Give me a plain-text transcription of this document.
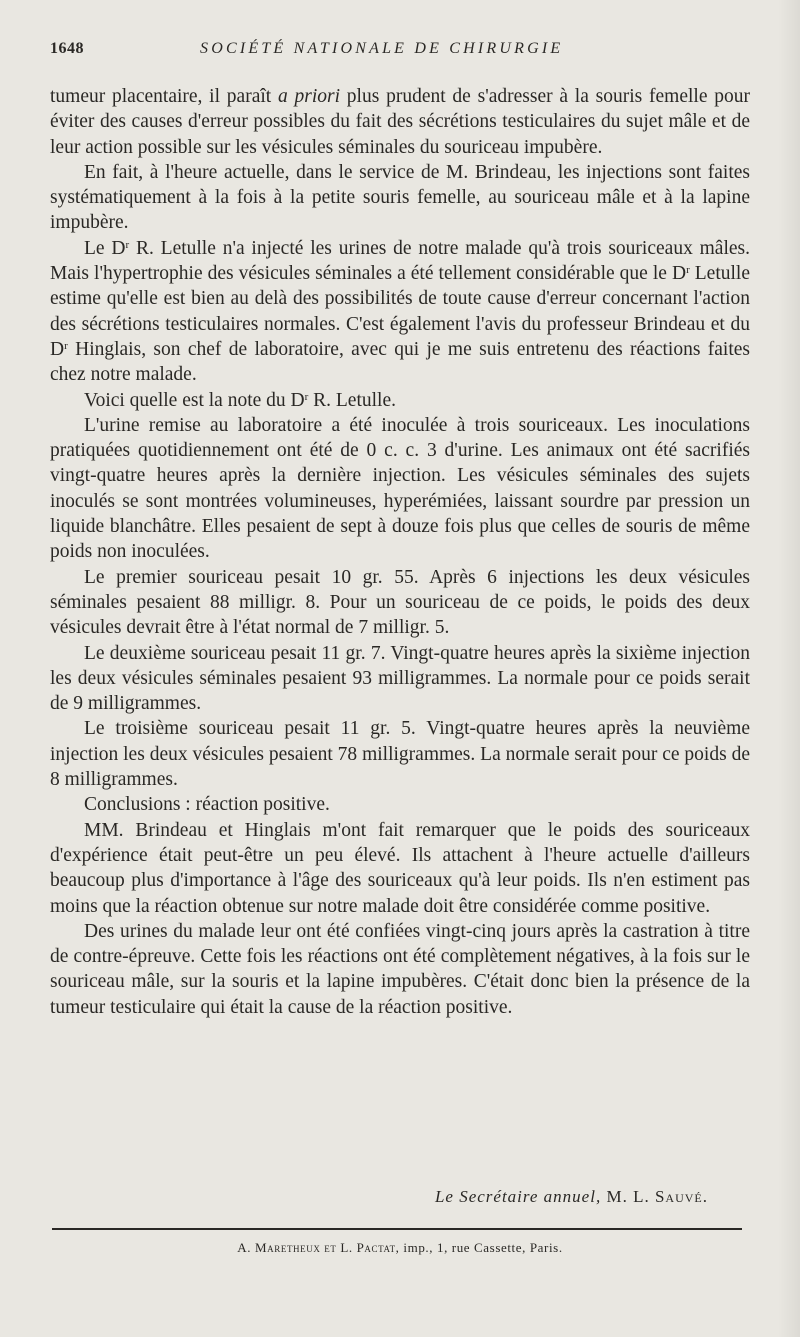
1648	SOCIÉTÉ NATIONALE DE CHIRURGIE

tumeur placentaire, il paraît a priori plus prudent de s'adresser à la souris femelle pour éviter des causes d'erreur possibles du fait des sécrétions testiculaires du sujet mâle et de leur action possible sur les vésicules séminales du souriceau impubère.

En fait, à l'heure actuelle, dans le service de M. Brindeau, les injections sont faites systématiquement à la fois à la petite souris femelle, au souriceau mâle et à la lapine impubère.

Le $D^r$ R. Letulle n'a injecté les urines de notre malade qu'à trois souriceaux mâles. Mais l'hypertrophie des vésicules séminales a été tellement considérable que le $D^r$ Letulle estime qu'elle est bien au delà des possibilités de toute cause d'erreur concernant l'action des sécrétions testiculaires normales. C'est également l'avis du professeur Brindeau et du $D^r$ Hinglais, son chef de laboratoire, avec qui je me suis entretenu des réactions faites chez notre malade.

Voici quelle est la note du $D^r$ R. Letulle.

L'urine remise au laboratoire a été inoculée à trois souriceaux. Les inoculations pratiquées quotidiennement ont été de 0 c. c. 3 d'urine. Les animaux ont été sacrifiés vingt-quatre heures après la dernière injection. Les vésicules séminales des sujets inoculés se sont montrées volumineuses, hyperémiées, laissant sourdre par pression un liquide blanchâtre. Elles pesaient de sept à douze fois plus que celles de souris de même poids non inoculées.

Le premier souriceau pesait 10 gr. 55. Après 6 injections les deux vésicules séminales pesaient 88 milligr. 8. Pour un souriceau de ce poids, le poids des deux vésicules devrait être à l'état normal de 7 milligr. 5.

Le deuxième souriceau pesait 11 gr. 7. Vingt-quatre heures après la sixième injection les deux vésicules séminales pesaient 93 milligrammes. La normale pour ce poids serait de 9 milligrammes.

Le troisième souriceau pesait 11 gr. 5. Vingt-quatre heures après la neuvième injection les deux vésicules pesaient 78 milligrammes. La normale serait pour ce poids de 8 milligrammes.

Conclusions : réaction positive.

MM. Brindeau et Hinglais m'ont fait remarquer que le poids des souriceaux d'expérience était peut-être un peu élevé. Ils attachent à l'heure actuelle d'ailleurs beaucoup plus d'importance à l'âge des souriceaux qu'à leur poids. Ils n'en estiment pas moins que la réaction obtenue sur notre malade doit être considérée comme positive.

Des urines du malade leur ont été confiées vingt-cinq jours après la castration à titre de contre-épreuve. Cette fois les réactions ont été complètement négatives, à la fois sur le souriceau mâle, sur la souris et la lapine impubères. C'était donc bien la présence de la tumeur testiculaire qui était la cause de la réaction positive.

Le Secrétaire annuel, M. L. Sauvé.
A. Maretheux et L. Pactat, imp., 1, rue Cassette, Paris.
